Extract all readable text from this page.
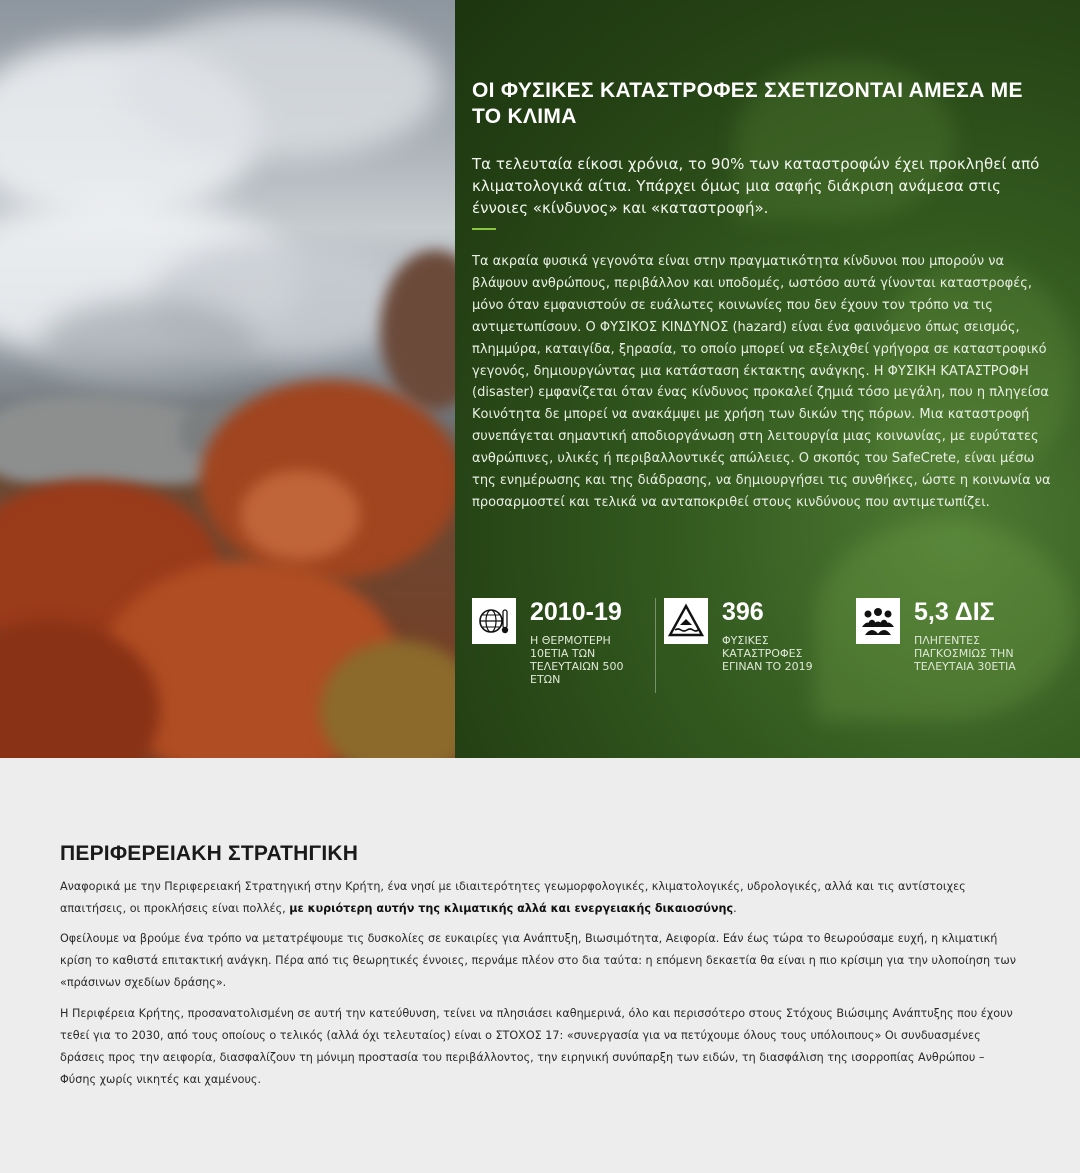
ΟΙ ΦΥΣΙΚΕΣ ΚΑΤΑΣΤΡΟΦΕΣ ΣΧΕΤΙΖΟΝΤΑΙ ΑΜΕΣΑ ΜΕ ΤΟ ΚΛΙΜΑ

Τα τελευταία είκοσι χρόνια, το 90% των καταστροφών έχει προκληθεί από κλιματολογικά αίτια. Υπάρχει όμως μια σαφής διάκριση ανάμεσα στις έννοιες «κίνδυνος» και «καταστροφή».

Τα ακραία φυσικά γεγονότα είναι στην πραγματικότητα κίνδυνοι που μπορούν να βλάψουν ανθρώπους, περιβάλλον και υποδομές, ωστόσο αυτά γίνονται καταστροφές, μόνο όταν εμφανιστούν σε ευάλωτες κοινωνίες που δεν έχουν τον τρόπο να τις αντιμετωπίσουν. Ο ΦΥΣΙΚΟΣ ΚΙΝΔΥΝΟΣ (hazard) είναι ένα φαινόμενο όπως σεισμός, πλημμύρα, καταιγίδα, ξηρασία, το οποίο μπορεί να εξελιχθεί γρήγορα σε καταστροφικό γεγονός, δημιουργώντας μια κατάσταση έκτακτης ανάγκης. Η ΦΥΣΙΚΗ ΚΑΤΑΣΤΡΟΦΗ (disaster) εμφανίζεται όταν ένας κίνδυνος προκαλεί ζημιά τόσο μεγάλη, που η πληγείσα Κοινότητα δε μπορεί να ανακάμψει με χρήση των δικών της πόρων. Μια καταστροφή συνεπάγεται σημαντική αποδιοργάνωση στη λειτουργία μιας κοινωνίας, με ευρύτατες ανθρώπινες, υλικές ή περιβαλλοντικές απώλειες. Ο σκοπός του SafeCrete, είναι μέσω της ενημέρωσης και της διάδρασης, να δημιουργήσει τις συνθήκες, ώστε η κοινωνία να προσαρμοστεί και τελικά να ανταποκριθεί στους κινδύνους που αντιμετωπίζει.

2010-19
Η ΘΕΡΜΟΤΕΡΗ 10ΕΤΙΑ ΤΩΝ ΤΕΛΕΥΤΑΙΩΝ 500 ΕΤΩΝ
396
ΦΥΣΙΚΕΣ ΚΑΤΑΣΤΡΟΦΕΣ ΕΓΙΝΑΝ ΤΟ 2019
5,3 ΔΙΣ
ΠΛΗΓΕΝΤΕΣ ΠΑΓΚΟΣΜΙΩΣ ΤΗΝ ΤΕΛΕΥΤΑΙΑ 30ΕΤΙΑ
ΠΕΡΙΦΕΡΕΙΑΚΗ ΣΤΡΑΤΗΓΙΚΗ

Αναφορικά με την Περιφερειακή Στρατηγική στην Κρήτη, ένα νησί με ιδιαιτερότητες γεωμορφολογικές, κλιματολογικές, υδρολογικές, αλλά και τις αντίστοιχες απαιτήσεις, οι προκλήσεις είναι πολλές, με κυριότερη αυτήν της κλιματικής αλλά και ενεργειακής δικαιοσύνης.

Οφείλουμε να βρούμε ένα τρόπο να μετατρέψουμε τις δυσκολίες σε ευκαιρίες για Ανάπτυξη, Βιωσιμότητα, Αειφορία. Εάν έως τώρα το θεωρούσαμε ευχή, η κλιματική κρίση το καθιστά επιτακτική ανάγκη. Πέρα από τις θεωρητικές έννοιες, περνάμε πλέον στο δια ταύτα: η επόμενη δεκαετία θα είναι η πιο κρίσιμη για την υλοποίηση των «πράσινων σχεδίων δράσης».

Η Περιφέρεια Κρήτης, προσανατολισμένη σε αυτή την κατεύθυνση, τείνει να πλησιάσει καθημερινά, όλο και περισσότερο στους Στόχους Βιώσιμης Ανάπτυξης που έχουν τεθεί για το 2030, από τους οποίους ο τελικός (αλλά όχι τελευταίος) είναι ο ΣΤΟΧΟΣ 17: «συνεργασία για να πετύχουμε όλους τους υπόλοιπους» Οι συνδυασμένες δράσεις προς την αειφορία, διασφαλίζουν τη μόνιμη προστασία του περιβάλλοντος, την ειρηνική συνύπαρξη των ειδών, τη διασφάλιση της ισορροπίας Ανθρώπου – Φύσης χωρίς νικητές και χαμένους.
